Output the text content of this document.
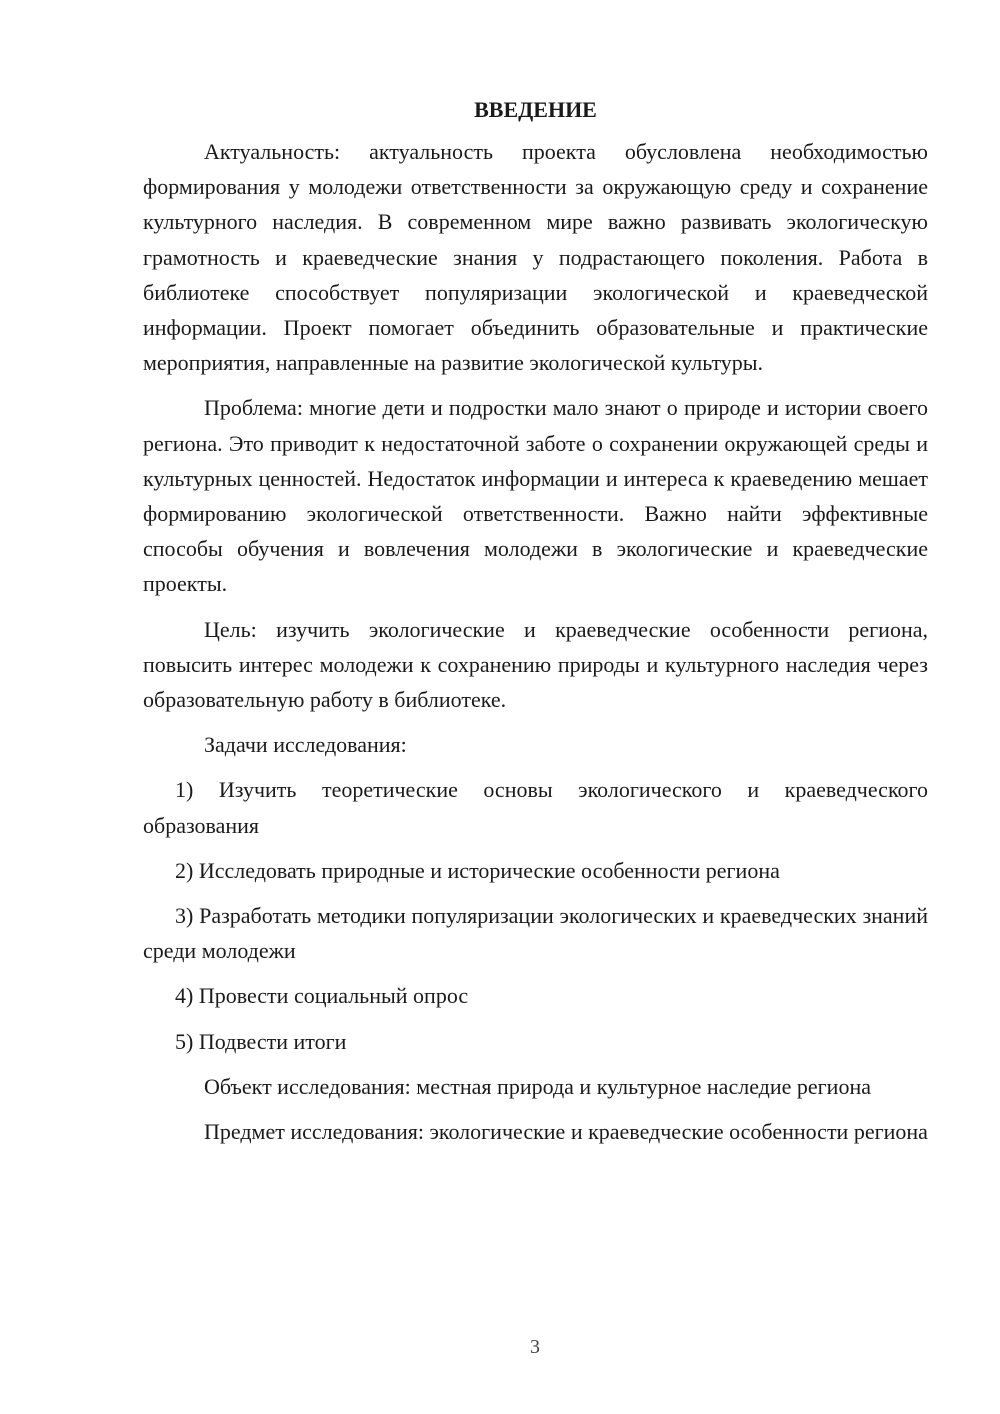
ВВЕДЕНИЕ

Актуальность: актуальность проекта обусловлена необходимостью формирования у молодежи ответственности за окружающую среду и сохранение культурного наследия. В современном мире важно развивать экологическую грамотность и краеведческие знания у подрастающего поколения. Работа в библиотеке способствует популяризации экологической и краеведческой информации. Проект помогает объединить образовательные и практические мероприятия, направленные на развитие экологической культуры.

Проблема: многие дети и подростки мало знают о природе и истории своего региона. Это приводит к недостаточной заботе о сохранении окружающей среды и культурных ценностей. Недостаток информации и интереса к краеведению мешает формированию экологической ответственности. Важно найти эффективные способы обучения и вовлечения молодежи в экологические и краеведческие проекты.

Цель: изучить экологические и краеведческие особенности региона, повысить интерес молодежи к сохранению природы и культурного наследия через образовательную работу в библиотеке.

Задачи исследования:

1) Изучить теоретические основы экологического и краеведческого образования

2) Исследовать природные и исторические особенности региона

3) Разработать методики популяризации экологических и краеведческих знаний среди молодежи

4) Провести социальный опрос

5) Подвести итоги

Объект исследования: местная природа и культурное наследие региона

Предмет исследования: экологические и краеведческие особенности региона

3
